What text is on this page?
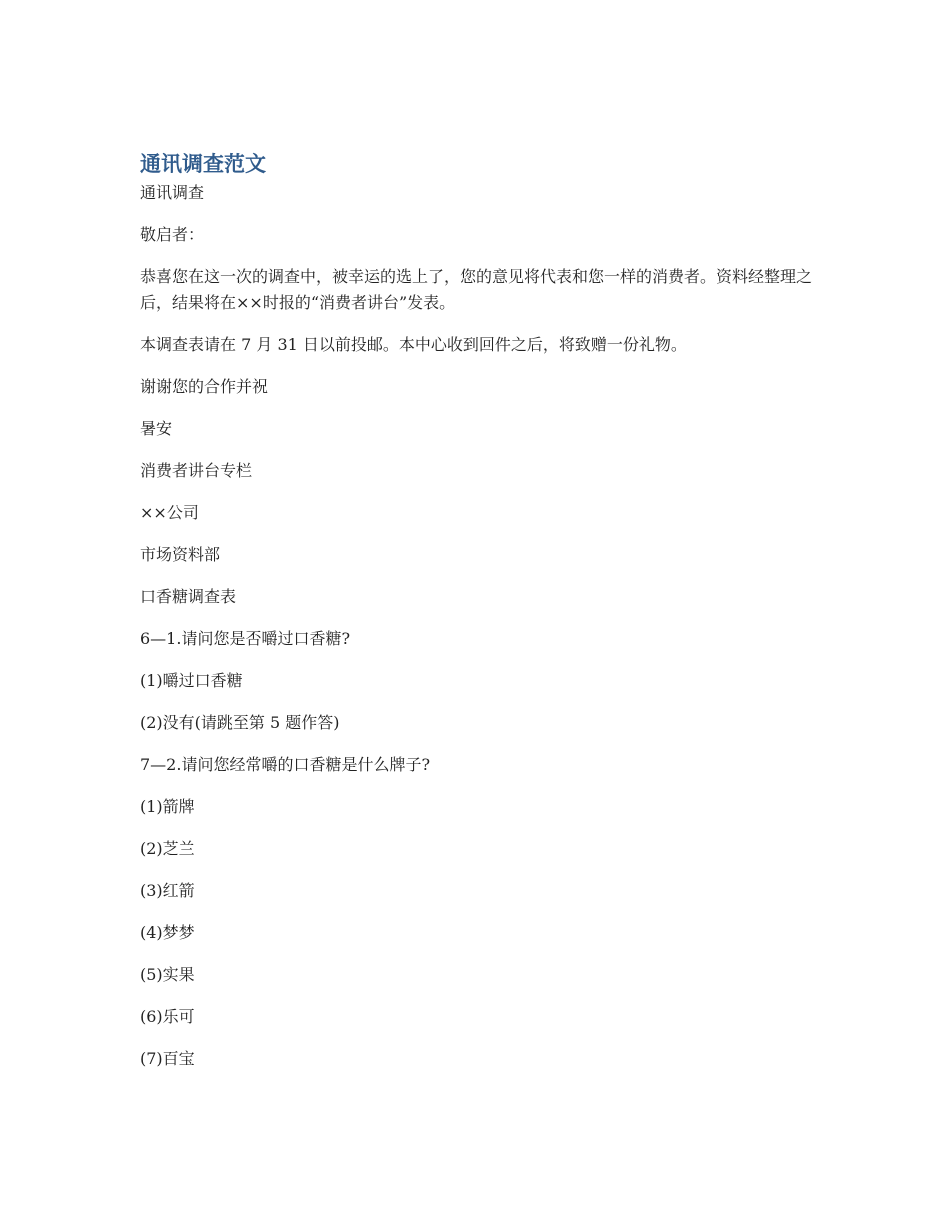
通讯调查范文

通讯调查

敬启者：

恭喜您在这一次的调查中，被幸运的选上了，您的意见将代表和您一样的消费者。资料经整理之后，结果将在××时报的“消费者讲台”发表。

本调查表请在 7 月 31 日以前投邮。本中心收到回件之后，将致赠一份礼物。

谢谢您的合作并祝

暑安

消费者讲台专栏

××公司

市场资料部

口香糖调查表

6—1.请问您是否嚼过口香糖?

(1)嚼过口香糖

(2)没有(请跳至第 5 题作答)

7—2.请问您经常嚼的口香糖是什么牌子?

(1)箭牌

(2)芝兰

(3)红箭

(4)梦梦

(5)实果

(6)乐可

(7)百宝
